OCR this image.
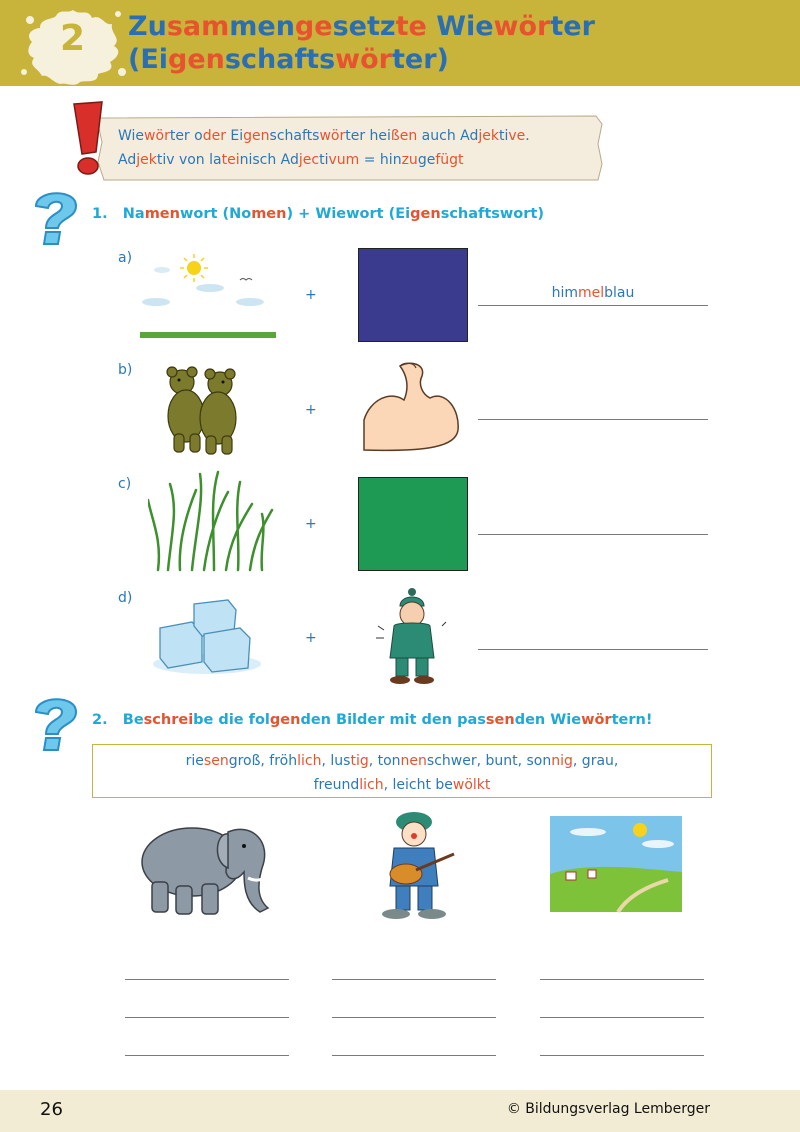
2 Zusammengesetzte Wiewörter
(Eigenschaftswörter)
Wiewörter oder Eigenschaftswörter heißen auch Adjektive.
Adjektiv von lateinisch Adjectivum = hinzugefügt
1. Namenwort (Nomen) + Wiewort (Eigenschaftswort)
a)
+	himmelblau
b)
+
c)
+
d)
+
2. Beschreibe die folgenden Bilder mit den passenden Wiewörtern!
riesengroß, fröhlich, lustig, tonnenschwer, bunt, sonnig, grau,
freundlich, leicht bewölkt
26	© Bildungsverlag Lemberger
